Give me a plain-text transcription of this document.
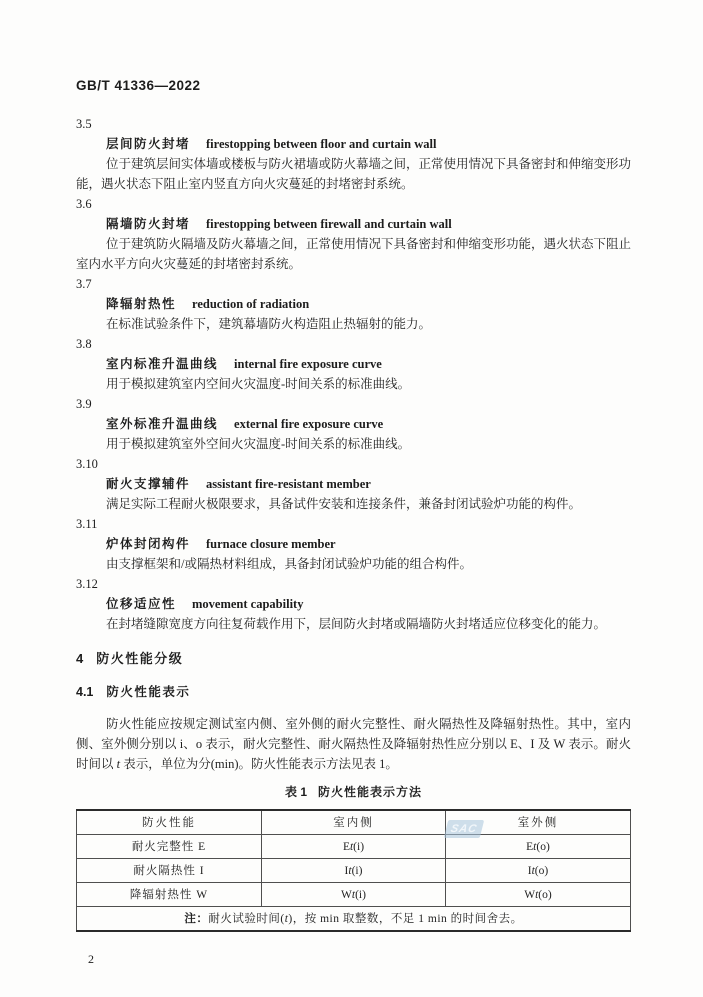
GB/T 41336—2022
3.5
层间防火封堵 firestopping between floor and curtain wall
位于建筑层间实体墙或楼板与防火裙墙或防火幕墙之间，正常使用情况下具备密封和伸缩变形功能，遇火状态下阻止室内竖直方向火灾蔓延的封堵密封系统。
3.6
隔墙防火封堵 firestopping between firewall and curtain wall
位于建筑防火隔墙及防火幕墙之间，正常使用情况下具备密封和伸缩变形功能，遇火状态下阻止室内水平方向火灾蔓延的封堵密封系统。
3.7
降辐射热性 reduction of radiation
在标准试验条件下，建筑幕墙防火构造阻止热辐射的能力。
3.8
室内标准升温曲线 internal fire exposure curve
用于模拟建筑室内空间火灾温度-时间关系的标准曲线。
3.9
室外标准升温曲线 external fire exposure curve
用于模拟建筑室外空间火灾温度-时间关系的标准曲线。
3.10
耐火支撑辅件 assistant fire-resistant member
满足实际工程耐火极限要求，具备试件安装和连接条件，兼备封闭试验炉功能的构件。
3.11
炉体封闭构件 furnace closure member
由支撑框架和/或隔热材料组成，具备封闭试验炉功能的组合构件。
3.12
位移适应性 movement capability
在封堵缝隙宽度方向往复荷载作用下，层间防火封堵或隔墙防火封堵适应位移变化的能力。
4 防火性能分级
4.1 防火性能表示
防火性能应按规定测试室内侧、室外侧的耐火完整性、耐火隔热性及降辐射热性。其中，室内侧、室外侧分别以 i、o 表示，耐火完整性、耐火隔热性及降辐射热性应分别以 E、I 及 W 表示。耐火时间以 t 表示，单位为分(min)。防火性能表示方法见表 1。
表 1 防火性能表示方法
防火性能	室内侧	室外侧
耐火完整性 E	Et(i)	Et(o)
耐火隔热性 I	It(i)	It(o)
降辐射热性 W	Wt(i)	Wt(o)
注：耐火试验时间(t)，按 min 取整数，不足 1 min 的时间舍去。		
2
SAC
